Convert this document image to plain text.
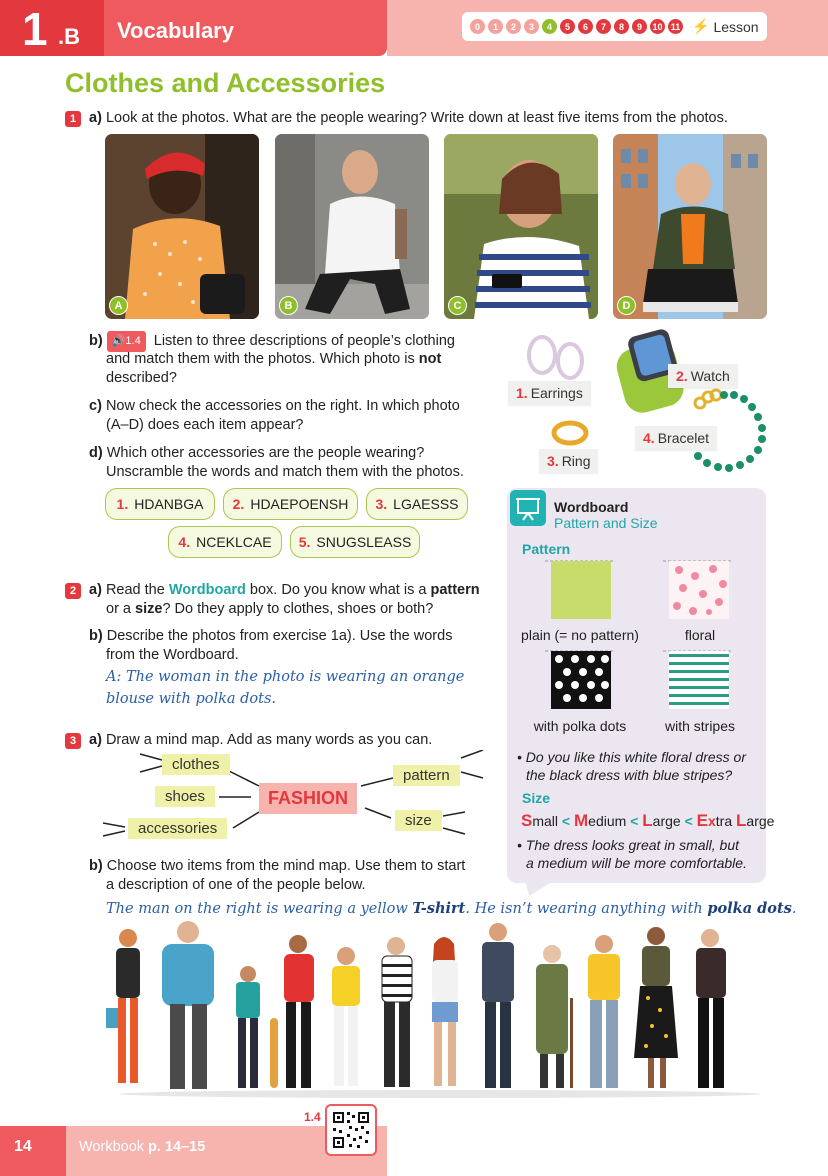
1 .B Vocabulary	0	1	2	3	4	5	6	7	8	9	10 11 ⚡ Lesson
Clothes and Accessories
1 a) Look at the photos. What are the people wearing? Write down at least five items from the photos.
A	B	C	D
b) 🔊1.4 Listen to three descriptions of people’s clothing
and match them with the photos. Which photo is not
described?
c) Now check the accessories on the right. In which photo
(A–D) does each item appear?
d) Which other accessories are the people wearing?
Unscramble the words and match them with the photos.
1. HDANBGA 2. HDAEPOENSH 3. LGAESSS
4. NCEKLCAE 5. SNUGSLEASS
1. Earrings
2. Watch
3. Ring
4. Bracelet
2 a) Read the Wordboard box. Do you know what is a pattern
or a size? Do they apply to clothes, shoes or both?
b) Describe the photos from exercise 1a). Use the words
from the Wordboard.
A: The woman in the photo is wearing an orange
blouse with polka dots.
Wordboard
Pattern and Size
Pattern
plain (= no pattern)	floral
with polka dots	with stripes
• Do you like this white floral dress or
the black dress with blue stripes?
Size
Small < Medium < Large < Extra Large
• The dress looks great in small, but
a medium will be more comfortable.
3 a) Draw a mind map. Add as many words as you can.
clothes
shoes
accessories
pattern
size
FASHION
b) Choose two items from the mind map. Use them to start
a description of one of the people below.
The man on the right is wearing a yellow T-shirt. He isn’t wearing anything with polka dots.
14	Workbook p. 14–15
1.4
